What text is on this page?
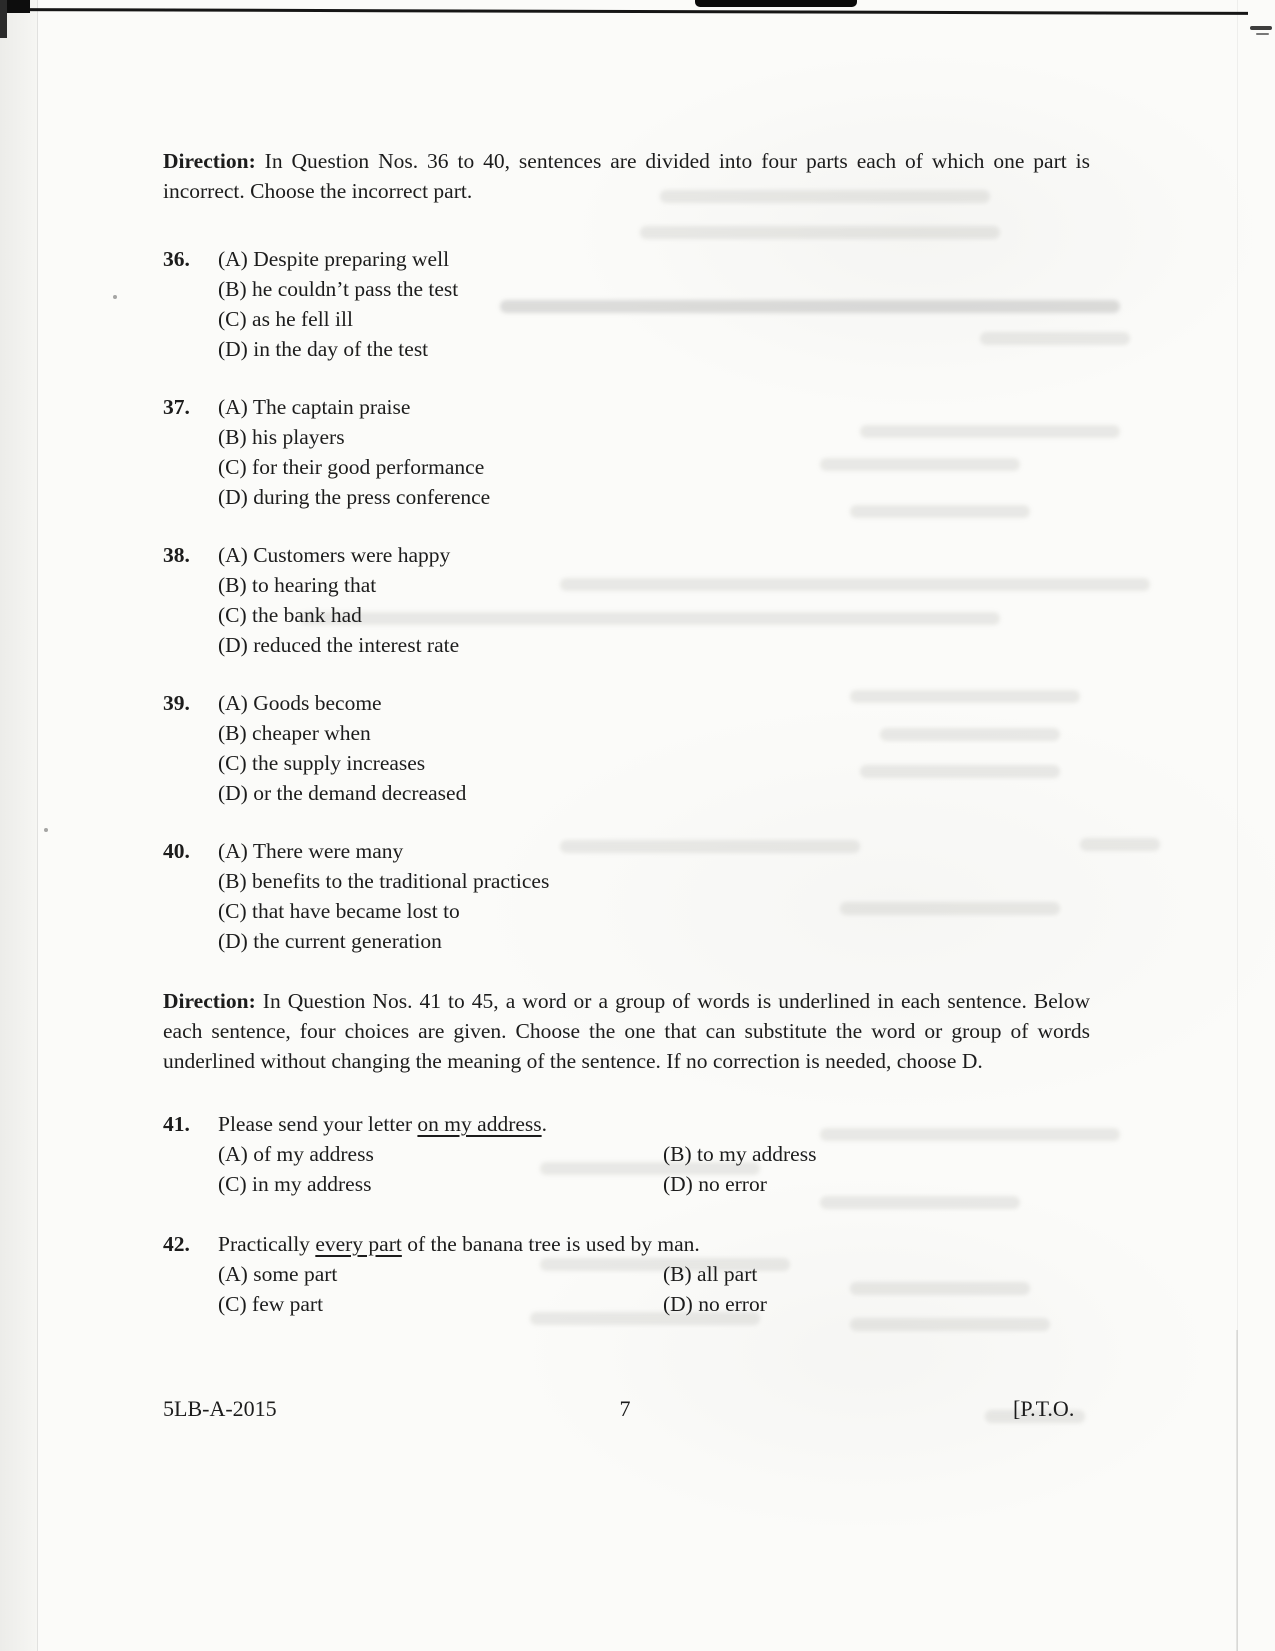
Direction: In Question Nos. 36 to 40, sentences are divided into four parts each of which one part is incorrect. Choose the incorrect part.

36.	(A) Despite preparing well
(B) he couldn’t pass the test
(C) as he fell ill
(D) in the day of the test
37.	(A) The captain praise
(B) his players
(C) for their good performance
(D) during the press conference
38.	(A) Customers were happy
(B) to hearing that
(C) the bank had
(D) reduced the interest rate
39.	(A) Goods become
(B) cheaper when
(C) the supply increases
(D) or the demand decreased
40.	(A) There were many
(B) benefits to the traditional practices
(C) that have became lost to
(D) the current generation

Direction: In Question Nos. 41 to 45, a word or a group of words is underlined in each sentence. Below each sentence, four choices are given. Choose the one that can substitute the word or group of words underlined without changing the meaning of the sentence. If no correction is needed, choose D.

41.	Please send your letter on my address.
(A) of my address	(B) to my address
(C) in my address	(D) no error
42.	Practically every part of the banana tree is used by man.
(A) some part	(B) all part
(C) few part	(D) no error
5LB-A-2015	7	[P.T.O.
